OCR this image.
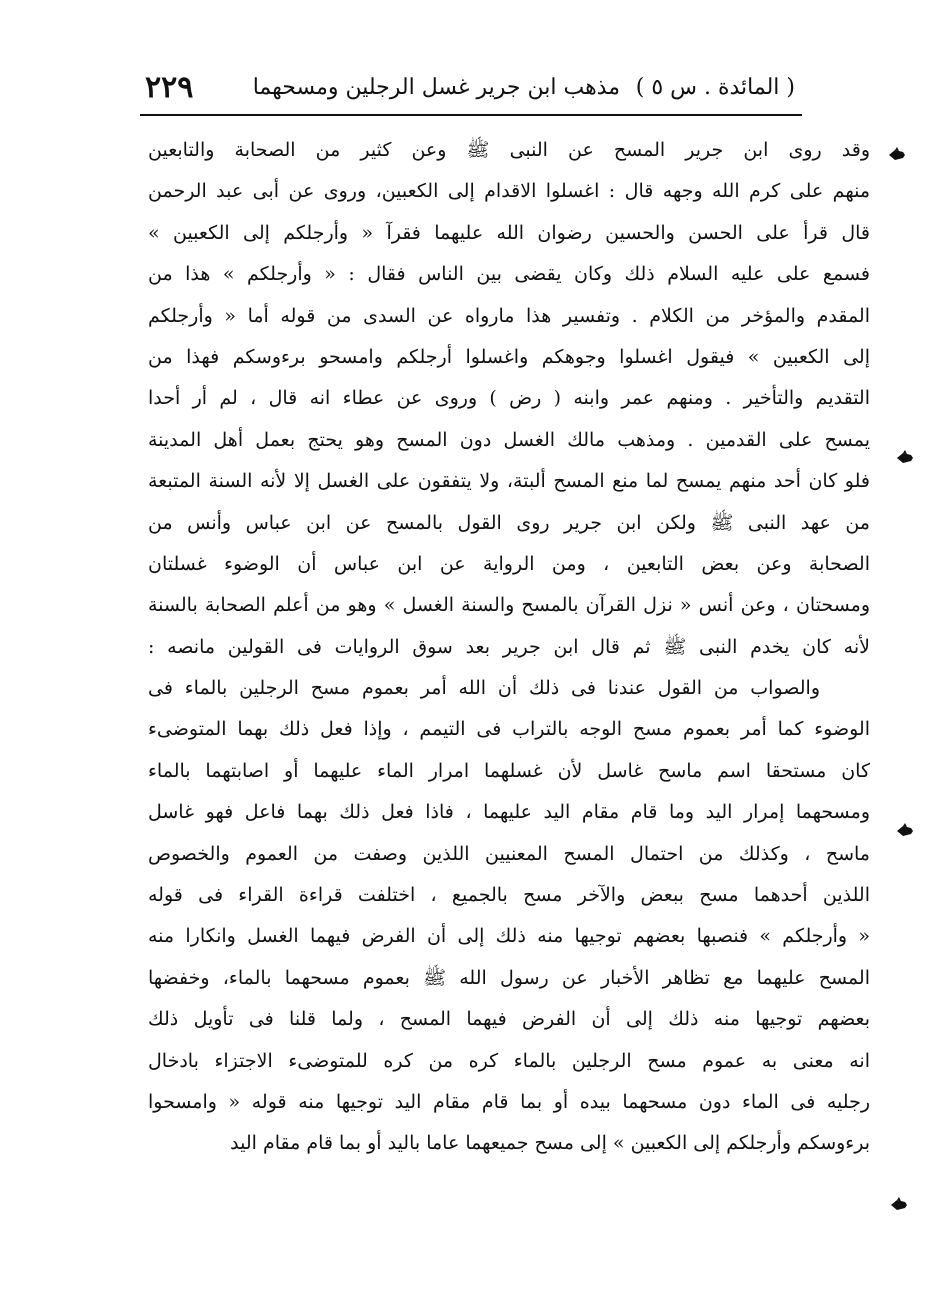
( المائدة . س ٥ )
مذهب ابن جرير غسل الرجلين ومسحهما
٢٢٩
وقد روى ابن جرير المسح عن النبى ﷺ وعن كثير من الصحابة والتابعين
منهم على كرم الله وجهه قال : اغسلوا الاقدام إلى الكعبين، وروى عن أبى عبد الرحمن
قال قرأ على الحسن والحسين رضوان الله عليهما فقرآ « وأرجلكم إلى الكعبين »
فسمع على عليه السلام ذلك وكان يقضى بين الناس فقال : « وأرجلكم » هذا من
المقدم والمؤخر من الكلام . وتفسير هذا مارواه عن السدى من قوله أما « وأرجلكم
إلى الكعبين » فيقول اغسلوا وجوهكم واغسلوا أرجلكم وامسحو برءوسكم فهذا من
التقديم والتأخير . ومنهم عمر وابنه ( رض ) وروى عن عطاء انه قال ، لم أر أحدا
يمسح على القدمين . ومذهب مالك الغسل دون المسح وهو يحتج بعمل أهل المدينة
فلو كان أحد منهم يمسح لما منع المسح ألبتة، ولا يتفقون على الغسل إلا لأنه السنة المتبعة
من عهد النبى ﷺ ولكن ابن جرير روى القول بالمسح عن ابن عباس وأنس من
الصحابة وعن بعض التابعين ، ومن الرواية عن ابن عباس أن الوضوء غسلتان
ومسحتان ، وعن أنس « نزل القرآن بالمسح والسنة الغسل » وهو من أعلم الصحابة بالسنة
لأنه كان يخدم النبى ﷺ ثم قال ابن جرير بعد سوق الروايات فى القولين مانصه :
والصواب من القول عندنا فى ذلك أن الله أمر بعموم مسح الرجلين بالماء فى
الوضوء كما أمر بعموم مسح الوجه بالتراب فى التيمم ، وإذا فعل ذلك بهما المتوضىء
كان مستحقا اسم ماسح غاسل لأن غسلهما امرار الماء عليهما أو اصابتهما بالماء
ومسحهما إمرار اليد وما قام مقام اليد عليهما ، فاذا فعل ذلك بهما فاعل فهو غاسل
ماسح ، وكذلك من احتمال المسح المعنيين اللذين وصفت من العموم والخصوص
اللذين أحدهما مسح ببعض والآخر مسح بالجميع ، اختلفت قراءة القراء فى قوله
« وأرجلكم » فنصبها بعضهم توجيها منه ذلك إلى أن الفرض فيهما الغسل وانكارا منه
المسح عليهما مع تظاهر الأخبار عن رسول الله ﷺ بعموم مسحهما بالماء، وخفضها
بعضهم توجيها منه ذلك إلى أن الفرض فيهما المسح ، ولما قلنا فى تأويل ذلك
انه معنى به عموم مسح الرجلين بالماء كره من كره للمتوضىء الاجتزاء بادخال
رجليه فى الماء دون مسحهما بيده أو بما قام مقام اليد توجيها منه قوله « وامسحوا
برءوسكم وأرجلكم إلى الكعبين » إلى مسح جميعهما عاما باليد أو بما قام مقام اليد
